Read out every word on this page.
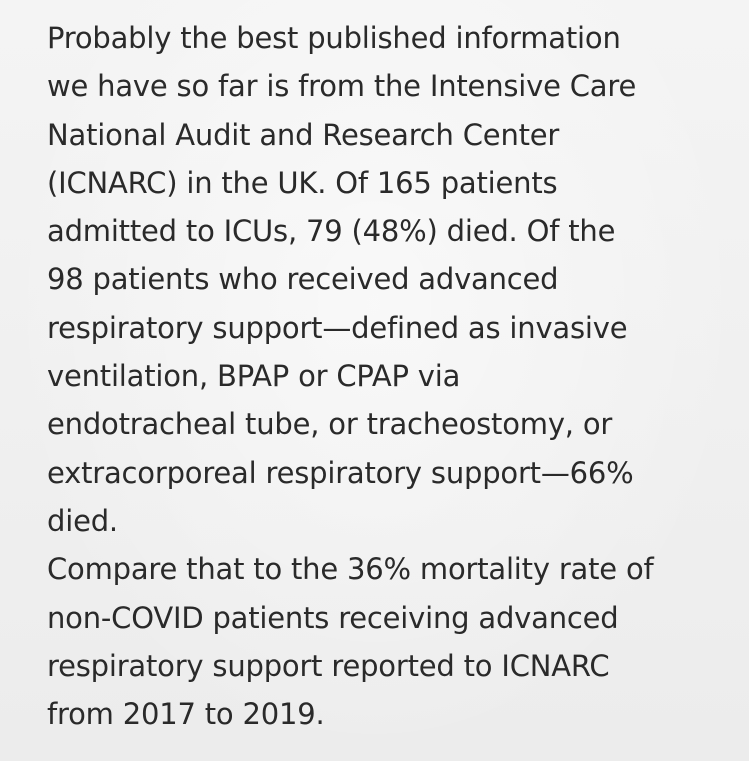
Probably the best published information
we have so far is from the Intensive Care
National Audit and Research Center
(ICNARC) in the UK. Of 165 patients
admitted to ICUs, 79 (48%) died. Of the
98 patients who received advanced
respiratory support—defined as invasive
ventilation, BPAP or CPAP via
endotracheal tube, or tracheostomy, or
extracorporeal respiratory support—66%
died.
Compare that to the 36% mortality rate of
non-COVID patients receiving advanced
respiratory support reported to ICNARC
from 2017 to 2019.
